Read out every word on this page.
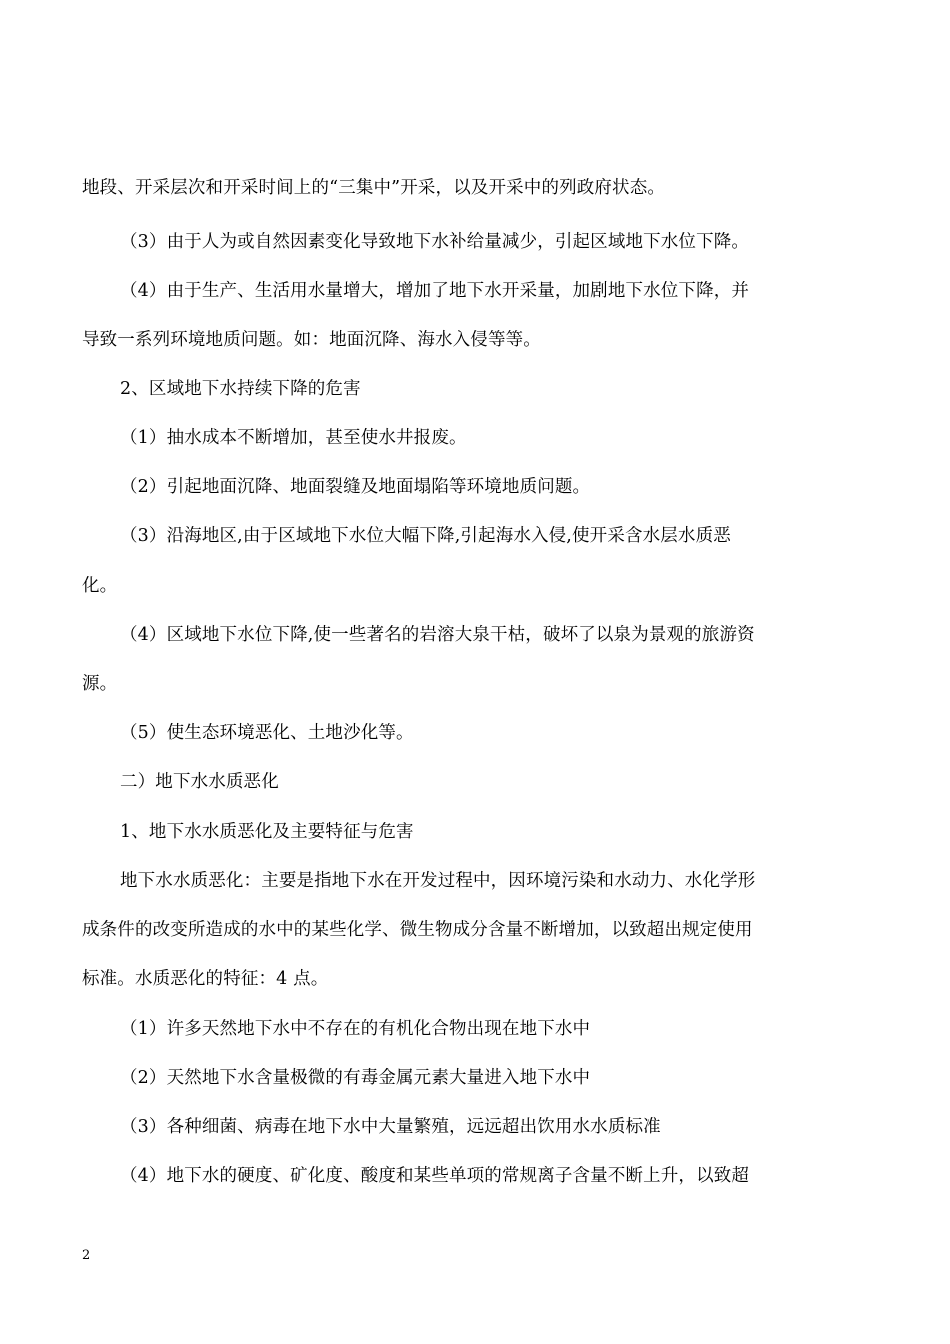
地段、开采层次和开采时间上的“三集中”开采，以及开采中的列政府状态。
（3）由于人为或自然因素变化导致地下水补给量减少，引起区域地下水位下降。
（4）由于生产、生活用水量增大，增加了地下水开采量，加剧地下水位下降，并
导致一系列环境地质问题。如：地面沉降、海水入侵等等。
2、区域地下水持续下降的危害
（1）抽水成本不断增加，甚至使水井报废。
（2）引起地面沉降、地面裂缝及地面塌陷等环境地质问题。
（3）沿海地区,由于区域地下水位大幅下降,引起海水入侵,使开采含水层水质恶
化。
（4）区域地下水位下降,使一些著名的岩溶大泉干枯，破坏了以泉为景观的旅游资
源。
（5）使生态环境恶化、土地沙化等。
二）地下水水质恶化
1、地下水水质恶化及主要特征与危害
地下水水质恶化：主要是指地下水在开发过程中，因环境污染和水动力、水化学形
成条件的改变所造成的水中的某些化学、微生物成分含量不断增加，以致超出规定使用
标准。水质恶化的特征：4 点。
（1）许多天然地下水中不存在的有机化合物出现在地下水中
（2）天然地下水含量极微的有毒金属元素大量进入地下水中
（3）各种细菌、病毒在地下水中大量繁殖，远远超出饮用水水质标准
（4）地下水的硬度、矿化度、酸度和某些单项的常规离子含量不断上升，以致超
2
